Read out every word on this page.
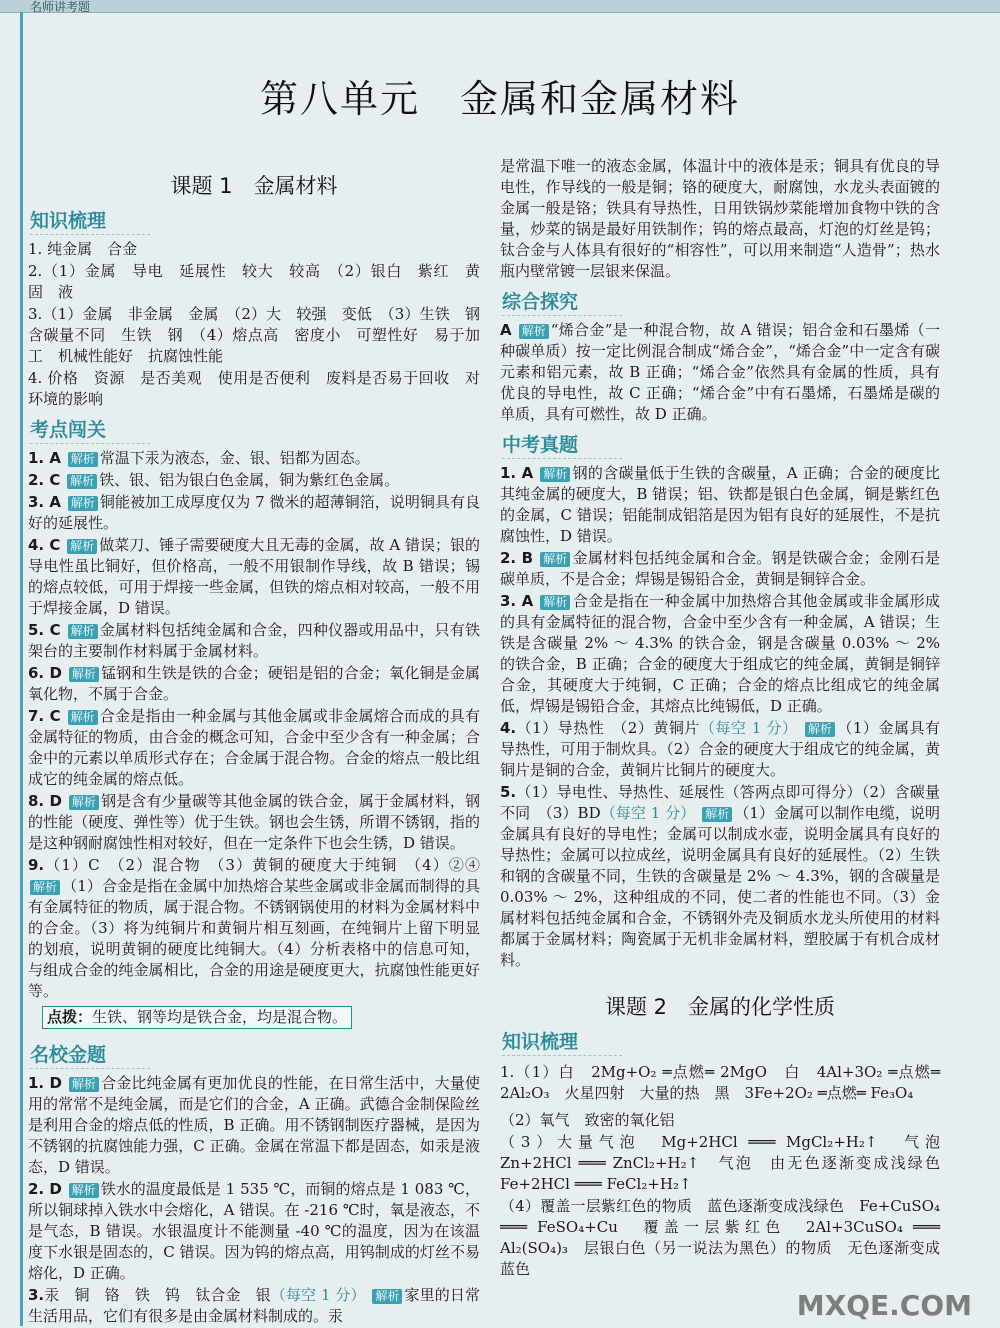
名师讲考题
第八单元　金属和金属材料
课题 1　金属材料
知识梳理
1. 纯金属　合金
2.（1）金属　导电　延展性　较大　较高　（2）银白　紫红　黄　固　液
3.（1）金属　非金属　金属　（2）大　较强　变低　（3）生铁　钢　含碳量不同　生铁　钢　（4）熔点高　密度小　可塑性好　易于加工　机械性能好　抗腐蚀性能
4. 价格　资源　是否美观　使用是否便利　废料是否易于回收　对环境的影响
考点闯关
1. A 解析 常温下汞为液态，金、银、铝都为固态。
2. C 解析 铁、银、铝为银白色金属，铜为紫红色金属。
3. A 解析 铜能被加工成厚度仅为 7 微米的超薄铜箔，说明铜具有良好的延展性。
4. C 解析 做菜刀、锤子需要硬度大且无毒的金属，故 A 错误；银的导电性虽比铜好，但价格高，一般不用银制作导线，故 B 错误；锡的熔点较低，可用于焊接一些金属，但铁的熔点相对较高，一般不用于焊接金属，D 错误。
5. C 解析 金属材料包括纯金属和合金，四种仪器或用品中，只有铁架台的主要制作材料属于金属材料。
6. D 解析 锰钢和生铁是铁的合金；硬铝是铝的合金；氧化铜是金属氧化物，不属于合金。
7. C 解析 合金是指由一种金属与其他金属或非金属熔合而成的具有金属特征的物质，由合金的概念可知，合金中至少含有一种金属；合金中的元素以单质形式存在；合金属于混合物。合金的熔点一般比组成它的纯金属的熔点低。
8. D 解析 钢是含有少量碳等其他金属的铁合金，属于金属材料，钢的性能（硬度、弹性等）优于生铁。钢也会生锈，所谓不锈钢，指的是这种钢耐腐蚀性相对较好，但在一定条件下也会生锈，D 错误。
9.（1）C　（2）混合物　（3）黄铜的硬度大于纯铜　（4）②④ 解析 （1）合金是指在金属中加热熔合某些金属或非金属而制得的具有金属特征的物质，属于混合物。不锈钢锅使用的材料为金属材料中的合金。（3）将为纯铜片和黄铜片相互刻画，在纯铜片上留下明显的划痕，说明黄铜的硬度比纯铜大。（4）分析表格中的信息可知，与组成合金的纯金属相比，合金的用途是硬度更大，抗腐蚀性能更好等。
点拨：生铁、钢等均是铁合金，均是混合物。
名校金题
1. D 解析 合金比纯金属有更加优良的性能，在日常生活中，大量使用的常常不是纯金属，而是它们的合金，A 正确。武德合金制保险丝是利用合金的熔点低的性质，B 正确。用不锈钢制医疗器械，是因为不锈钢的抗腐蚀能力强，C 正确。金属在常温下都是固态，如汞是液态，D 错误。
2. D 解析 铁水的温度最低是 1 535 ℃，而铜的熔点是 1 083 ℃，所以铜球掉入铁水中会熔化，A 错误。在 -216 ℃时，氧是液态，不是气态，B 错误。水银温度计不能测量 -40 ℃的温度，因为在该温度下水银是固态的，C 错误。因为钨的熔点高，用钨制成的灯丝不易熔化，D 正确。
3.汞　铜　铬　铁　钨　钛合金　银（每空 1 分） 解析 家里的日常生活用品，它们有很多是由金属材料制成的。汞
是常温下唯一的液态金属，体温计中的液体是汞；铜具有优良的导电性，作导线的一般是铜；铬的硬度大，耐腐蚀，水龙头表面镀的金属一般是铬；铁具有导热性，日用铁锅炒菜能增加食物中铁的含量，炒菜的锅是最好用铁制作；钨的熔点最高，灯泡的灯丝是钨；钛合金与人体具有很好的“相容性”，可以用来制造“人造骨”；热水瓶内壁常镀一层银来保温。
综合探究
A 解析 “烯合金”是一种混合物，故 A 错误；铝合金和石墨烯（一种碳单质）按一定比例混合制成“烯合金”，“烯合金”中一定含有碳元素和铝元素，故 B 正确；“烯合金”依然具有金属的性质，具有优良的导电性，故 C 正确；“烯合金”中有石墨烯，石墨烯是碳的单质，具有可燃性，故 D 正确。
中考真题
1. A 解析 钢的含碳量低于生铁的含碳量，A 正确；合金的硬度比其纯金属的硬度大，B 错误；铝、铁都是银白色金属，铜是紫红色的金属，C 错误；铝能制成铝箔是因为铝有良好的延展性，不是抗腐蚀性，D 错误。
2. B 解析 金属材料包括纯金属和合金。钢是铁碳合金；金刚石是碳单质，不是合金；焊锡是锡铅合金，黄铜是铜锌合金。
3. A 解析 合金是指在一种金属中加热熔合其他金属或非金属形成的具有金属特征的混合物，合金中至少含有一种金属，A 错误；生铁是含碳量 2% ～ 4.3% 的铁合金，钢是含碳量 0.03% ～ 2% 的铁合金，B 正确；合金的硬度大于组成它的纯金属，黄铜是铜锌合金，其硬度大于纯铜，C 正确；合金的熔点比组成它的纯金属低，焊锡是锡铅合金，其熔点比纯锡低，D 正确。
4.（1）导热性　（2）黄铜片（每空 1 分） 解析 （1）金属具有导热性，可用于制炊具。（2）合金的硬度大于组成它的纯金属，黄铜片是铜的合金，黄铜片比铜片的硬度大。
5.（1）导电性、导热性、延展性（答两点即可得分）（2）含碳量不同　（3）BD（每空 1 分） 解析 （1）金属可以制作电缆，说明金属具有良好的导电性；金属可以制成水壶，说明金属具有良好的导热性；金属可以拉成丝，说明金属具有良好的延展性。（2）生铁和钢的含碳量不同，生铁的含碳量是 2% ～ 4.3%，钢的含碳量是 0.03% ～ 2%，这种组成的不同，使二者的性能也不同。（3）金属材料包括纯金属和合金，不锈钢外壳及铜质水龙头所使用的材料都属于金属材料；陶瓷属于无机非金属材料，塑胶属于有机合成材料。
课题 2　金属的化学性质
知识梳理
1.（1）白　2Mg+O₂ ═点燃═ 2MgO　白　4Al+3O₂ ═点燃═ 2Al₂O₃　火星四射　大量的热　黑　3Fe+2O₂ ═点燃═ Fe₃O₄
（2）氧气　致密的氧化铝
（3）大量气泡　Mg+2HCl ═══ MgCl₂+H₂↑　气泡　Zn+2HCl ═══ ZnCl₂+H₂↑　气泡　由无色逐渐变成浅绿色　Fe+2HCl ═══ FeCl₂+H₂↑
（4）覆盖一层紫红色的物质　蓝色逐渐变成浅绿色　Fe+CuSO₄ ═══ FeSO₄+Cu　覆盖一层紫红色　2Al+3CuSO₄ ═══ Al₂(SO₄)₃　层银白色（另一说法为黑色）的物质　无色逐渐变成蓝色
MXQE.COM
